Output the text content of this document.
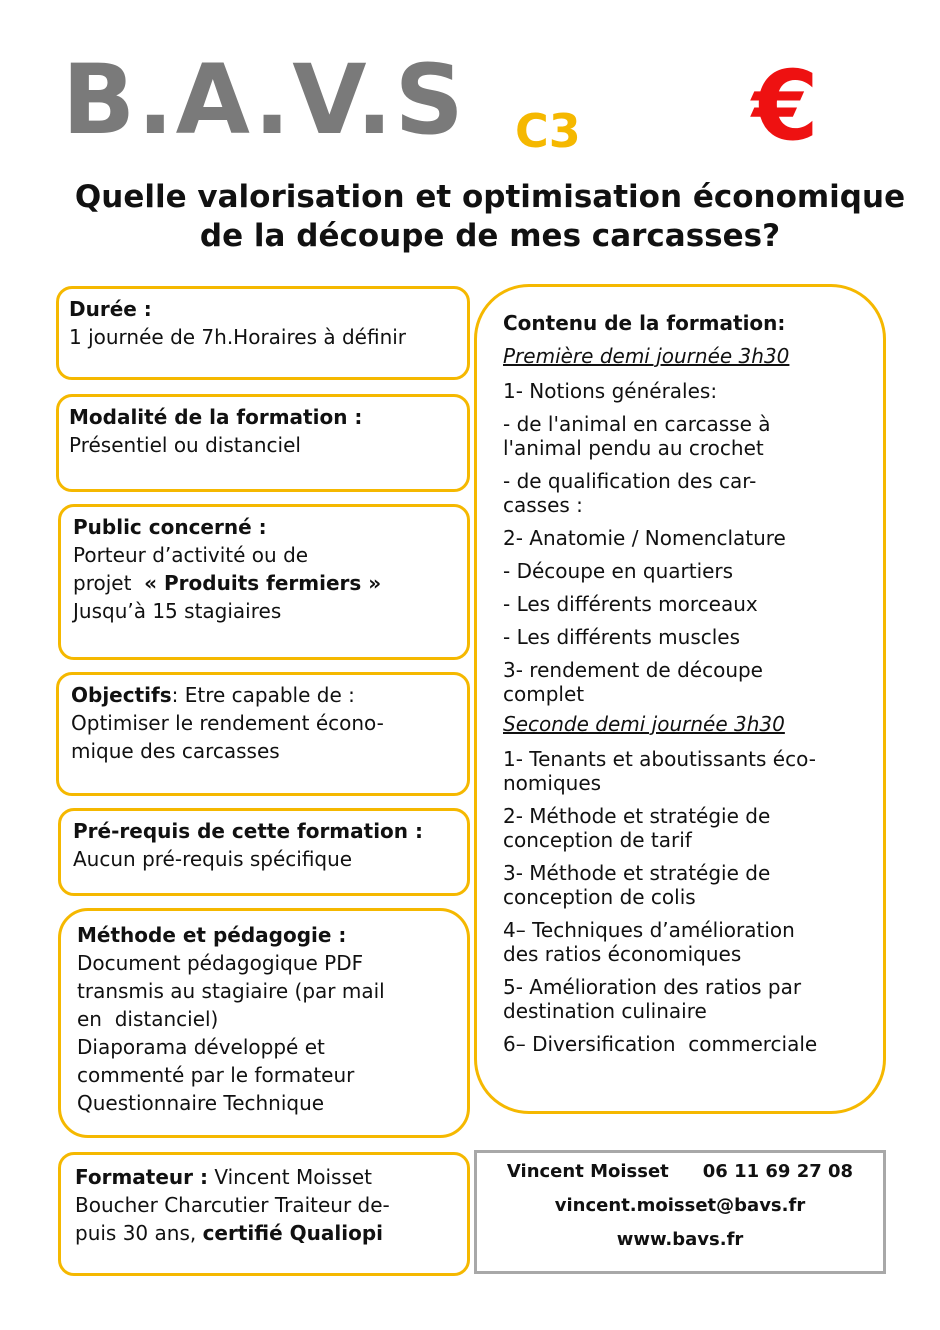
B.A.V.S C3 €
Quelle valorisation et optimisation économique
de la découpe de mes carcasses?
Durée :
1 journée de 7h.Horaires à définir
Modalité de la formation :
Présentiel ou distanciel
Public concerné :
Porteur d’activité ou de
projet  « Produits fermiers »
Jusqu’à 15 stagiaires
Objectifs: Etre capable de :
Optimiser le rendement écono-
mique des carcasses
Pré-requis de cette formation :
Aucun pré-requis spécifique
Méthode et pédagogie :
Document pédagogique PDF
transmis au stagiaire (par mail
en  distanciel)
Diaporama développé et
commenté par le formateur
Questionnaire Technique
Formateur : Vincent Moisset
Boucher Charcutier Traiteur de-
puis 30 ans, certifié Qualiopi
Contenu de la formation:
Première demi journée 3h30
1- Notions générales:
- de l'animal en carcasse à
l'animal pendu au crochet
- de qualification des car-
casses :
2- Anatomie / Nomenclature
- Découpe en quartiers
- Les différents morceaux
- Les différents muscles
3- rendement de découpe
complet
Seconde demi journée 3h30
1- Tenants et aboutissants éco-
nomiques
2- Méthode et stratégie de
conception de tarif
3- Méthode et stratégie de
conception de colis
4– Techniques d’amélioration
des ratios économiques
5- Amélioration des ratios par
destination culinaire
6– Diversification  commerciale
Vincent Moisset 06 11 69 27 08
vincent.moisset@bavs.fr
www.bavs.fr
